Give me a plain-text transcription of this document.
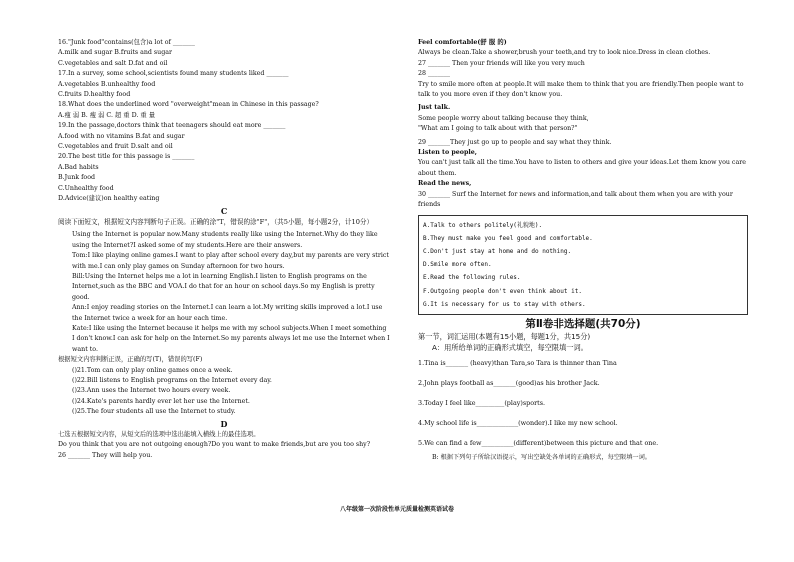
16."Junk food"contains(包含)a lot of _______
A.milk and sugar B.fruits and sugar
C.vegetables and salt D.fat and oil
17.In a survey, some school,scientists found many students liked _______
A.vegetables B.unhealthy food
C.fruits D.healthy food
18.What does the underlined word "overweight"mean in Chinese in this passage?
A.瘦 弱 B. 瘦 弱 C. 超 重 D. 重 量
19.In the passage,doctors think that teenagers should eat more _______
A.food with no vitamins B.fat and sugar
C.vegetables and fruit D.salt and oil
20.The best title for this passage is _______
A.Bad habits
B.Junk food
C.Unhealthy food
D.Advice(建议)on healthy eating
C
阅读下面短文，根据短文内容判断句子正误。正确的涂"T，错误的涂"F"，（共5小题，每小题2分，计10分）
Using the Internet is popular now.Many students really like using the Internet.Why do they like using the Internet?I asked some of my students.Here are their answers.
Tom:I like playing online games.I want to play after school every day,but my parents are very strict with me.I can only play games on Sunday afternoon for two hours.
Bill:Using the Internet helps me a lot in learning English.I listen to English programs on the Internet,such as the BBC and VOA.I do that for an hour on school days.So my English is pretty good.
Ann:I enjoy reading stories on the Internet.I can learn a lot.My writing skills improved a lot.I use the Internet twice a week for an hour each time.
Kate:I like using the Internet because it helps me with my school subjects.When I meet something I don't know.I can ask for help on the Internet.So my parents always let me use the Internet when I want to.
根据短文内容判断正误，正确的写(T)，错误的写(F)
()21.Tom can only play online games once a week.
()22.Bill listens to English programs on the Internet every day.
()23.Ann uses the Internet two hours every week.
()24.Kate's parents hardly ever let her use the Internet.
()25.The four students all use the Internet to study.
D
七选五根据短文内容，从短文后的选项中选出能填入横线上的最佳选项。
Do you think that you are not outgoing enough?Do you want to make friends,but are you too shy?
26 _______ They will help you.
Feel comfortable(舒 服 的)
Always be clean.Take a shower,brush your teeth,and try to look nice.Dress in clean clothes.
27 _______ Then your friends will like you very much
28 _______
Try to smile more often at people.It will make them to think that you are friendly.Then people want to talk to you more even if they don't know you.
Just talk.
Some people worry about talking because they think,
"What am I going to talk about with that person?"
29 _______They just go up to people and say what they think.
Listen to people,
You can't just talk all the time.You have to listen to others and give your ideas.Let them know you care about them.
Read the news,
30 _______ Surf the Internet for news and information,and talk about them when you are with your friends
A.Talk to others politely(礼貌地).
B.They must make you feel good and comfortable.
C.Don't just stay at home and do nothing.
D.Smile more often.
E.Read the following rules.
F.Outgoing people don't even think about it.
G.It is necessary for us to stay with others.
第Ⅱ卷非选择题(共70分)
第一节，词汇运用(本题有15小题，每题1分，共15分)
A：用所给单词的正确形式填空，每空限填一词。
1.Tina is_______ (heavy)than Tara,so Tara is thinner than Tina
2.John plays football as_______(good)as his brother Jack.
3.Today I feel like_________(play)sports.
4.My school life is_____________(wonder).I like my new school.
5.We can find a few__________(different)between this picture and that one.
B: 根据下列句子所给汉语提示，写出空缺处各单词的正确形式，每空限填一词。
八年级第一次阶段性单元质量检测英语试卷
